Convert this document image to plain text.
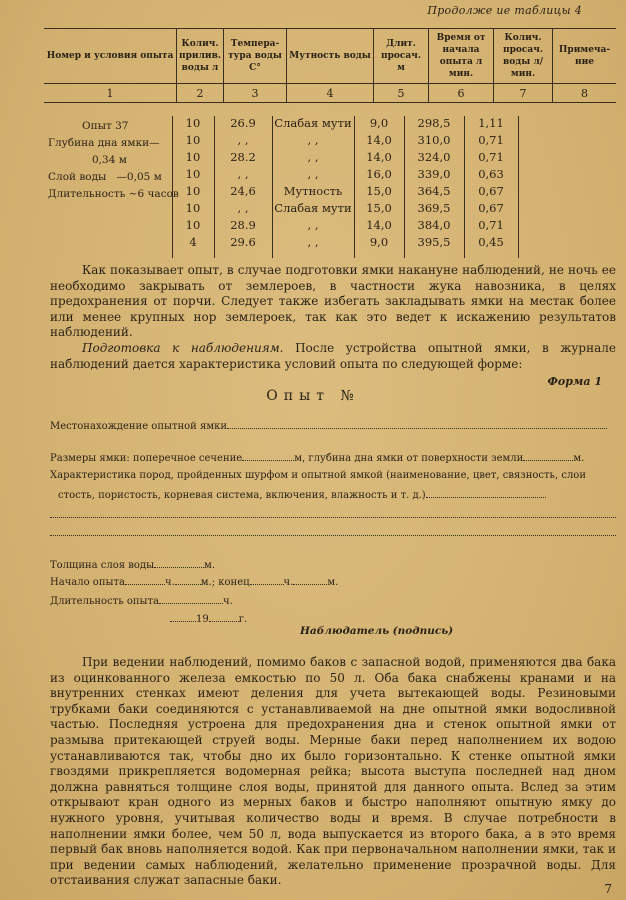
Продолже ие таблицы 4
Номер и условия опыта	Колич. прилив. воды л	Темпера-тура воды C°	Мутность воды	Длит. просач. м	Время от начала опыта л мин.	Колич. просач. воды л/мин.	Примеча-ние
1	2	3	4	5	6	7	8
Опыт 37
Глубина дна ямки—
0,34 м
Слой воды   —0,05 м
Длительность ~6 часов
10	26.9	Слабая мути	9,0	298,5	1,11
10	, ,	, ,	14,0	310,0	0,71
10	28.2	, ,	14,0	324,0	0,71
10	, ,	, ,	16,0	339,0	0,63
10	24,6	Мутность	15,0	364,5	0,67
10	, ,	Слабая мути	15,0	369,5	0,67
10	28.9	, ,	14,0	384,0	0,71
4	29.6	, ,	9,0	395,5	0,45

Как показывает опыт, в случае подготовки ямки накануне наблюдений, не ночь ее необходимо закрывать от землероев, в частности жука навозника, в целях предохранения от порчи. Следует также избегать закладывать ямки на местак более или менее крупных нор землероек, так как это ведет к искажению результатов наблюдений.

Подготовка к наблюдениям. После устройства опытной ямки, в журнале наблюдений дается характеристика условий опыта по следующей форме:

Форма 1
Опыт №
Местонахождение опытной ямки
Размеры ямки: поперечное сечение	м, глубина дна ямки от поверхности земли	м.
Характеристика пород, пройденных шурфом и опытной ямкой (наименование, цвет, связность, слои
стость, пористость, корневая система, включения, влажность и т. д.)
Толщина слоя воды	м.
Начало опыта	ч.	м.; конец	ч.	м.
Длительность опыта	ч.
19	г.
Наблюдатель (подпись)

При ведении наблюдений, помимо баков с запасной водой, применяются два бака из оцинкованного железа емкостью по 50 л. Оба бака снабжены кранами и на внутренних стенках имеют деления для учета вытекающей воды. Резиновыми трубками баки соединяются с устанавливаемой на дне опытной ямки водосливной частью. Последняя устроена для предохранения дна и стенок опытной ямки от размыва притекающей струей воды. Мерные баки перед наполнением их водою устанавливаются так, чтобы дно их было горизонтально. К стенке опытной ямки гвоздями прикрепляется водомерная рейка; высота выступа последней над дном должна равняться толщине слоя воды, принятой для данного опыта. Вслед за этим открывают кран одного из мерных баков и быстро наполняют опытную ямку до нужного уровня, учитывая количество воды и время. В случае потребности в наполнении ямки более, чем 50 л, вода выпускается из второго бака, а в это время первый бак вновь наполняется водой. Как при первоначальном наполнении ямки, так и при ведении самых наблюдений, желательно применение прозрачной воды. Для отстаивания служат запасные баки.

7
